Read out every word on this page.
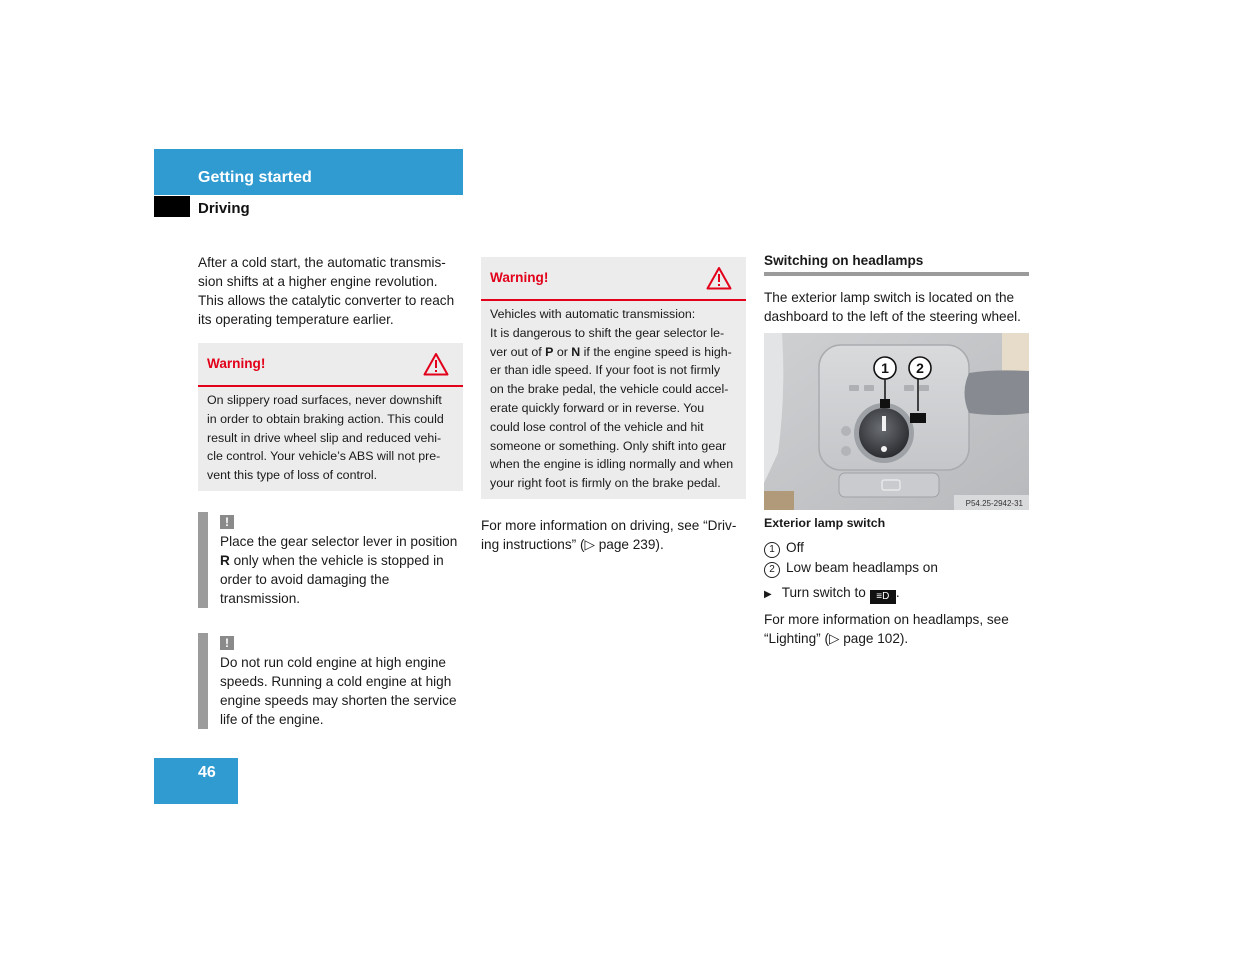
Getting started
Driving
After a cold start, the automatic transmis-sion shifts at a higher engine revolution. This allows the catalytic converter to reach its operating temperature earlier.
Warning!
On slippery road surfaces, never downshift in order to obtain braking action. This could result in drive wheel slip and reduced vehi-cle control. Your vehicle’s ABS will not pre-vent this type of loss of control.
!
Place the gear selector lever in position R only when the vehicle is stopped in order to avoid damaging the transmission.
!
Do not run cold engine at high engine speeds. Running a cold engine at high engine speeds may shorten the service life of the engine.
Warning!
Vehicles with automatic transmission:
It is dangerous to shift the gear selector le-ver out of P or N if the engine speed is high-er than idle speed. If your foot is not firmly on the brake pedal, the vehicle could accel-erate quickly forward or in reverse. You could lose control of the vehicle and hit someone or something. Only shift into gear when the engine is idling normally and when your right foot is firmly on the brake pedal.
For more information on driving, see “Driv-ing instructions” (▷ page 239).
Switching on headlamps
The exterior lamp switch is located on the dashboard to the left of the steering wheel.
1 2
P54.25-2942-31
Exterior lamp switch
1 Off
2 Low beam headlamps on
▶ Turn switch to ≡D .
For more information on headlamps, see “Lighting” (▷ page 102).
46
